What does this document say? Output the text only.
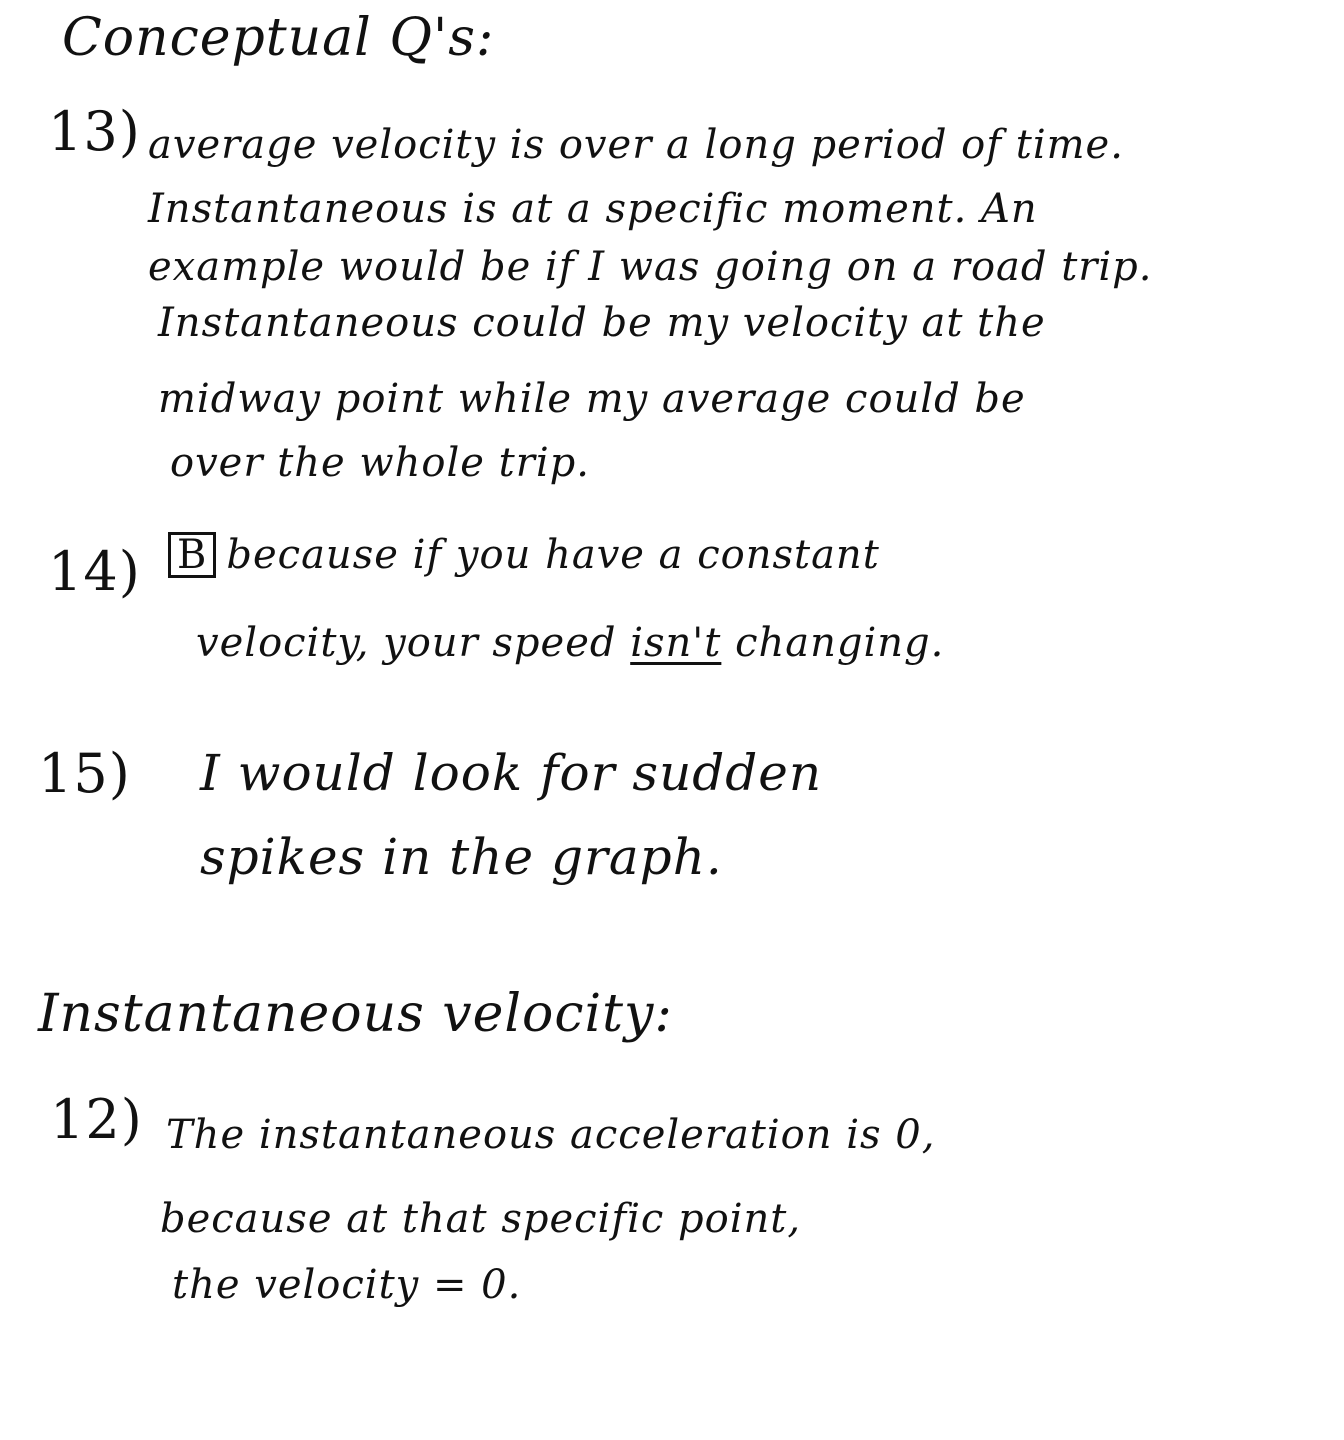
Conceptual Q's:
13) average velocity is over a long period of time.
Instantaneous is at a specific moment. An
example would be if I was going on a road trip.
Instantaneous could be my velocity at the
midway point while my average could be
over the whole trip.
14) B because if you have a constant
velocity, your speed isn't changing.
15) I would look for sudden
spikes in the graph.
Instantaneous velocity:
12) The instantaneous acceleration is 0,
because at that specific point,
the velocity = 0.
